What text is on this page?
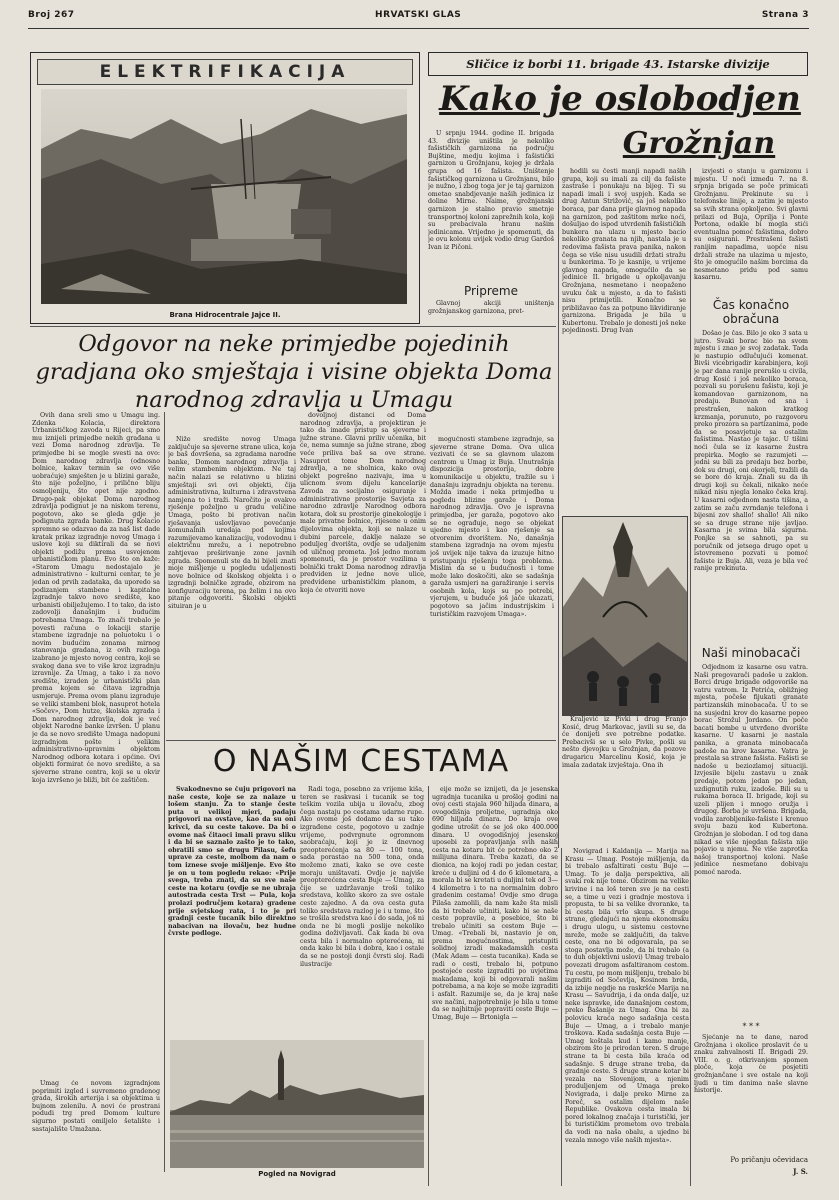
Broj 267	HRVATSKI GLAS	Strana 3
ELEKTRIFIKACIJA
Brana Hidrocentrale Jajce II.
Sličice iz borbi 11. brigade 43. Istarske divizije
Kako je oslobodjen
Grožnjan

U srpnju 1944. godine II. brigada 43. divizije uništila je nekoliko fašističkih garnizona na području Bujštine, medju kojima i fašistički garnizon u Grožnjanu, kojeg je držala grupa od 16 fašista. Uništenje fašističkog garnizona u Grožnjanu, bilo je nužno, i zbog toga jer je taj garnizon ometao snabdjevanje naših jedinica iz doline Mirne. Naime, grožnjanski garnizon je stalno pravio smetnje transportnoj koloni zaprežnih kola, koji su prebacivala hranu našim jedinicama. Vrijedno je spomenuti, da je ovu kolonu uvijek vodio drug Gardoš Ivan iz Pičoni.

Pripreme

Glavnoj akciji uništenja grožnjanskog garnizona, pret-

hodili su česti manji napadi naših grupa, koji su imali za cilj da fašiste zastraše i ponukaju na bijeg. Ti su napadi imali i svoj uspjeh. Kada se drug Antun Strižović, sa još nekoliko boraca, par dana prije glavnog napada na garnizon, pod zaštitom mrke noći, došuljao do ispod utvrdenih fašističkih bunkera na ulazu u mjesto bacio nekoliko granata na njih, nastala je u redovima fašista prava panika, nakon čega se više nisu usudili držati stražu u bunkerima. To je kasnije, u vrijeme glavnog napada, omogućilo da se jedinice II. brigade u opkoljavanju Grožnjana, nesmetano i neopaženo uvuku čak u mjesto, a da to fašisti nisu primijetili. Konačno se približavao čas za potpuno likvidiranje garnizona. Brigada je bila u Kubertonu. Trebalo je donesti još neke pojedinosti. Drug Ivan

Kraljević iz Pivki i drug Franjo Kosić, drug Markovac, javili su se, da će donijeti sve potrebne podatke. Prebacivši se u selo Pivke, pošli su nešto djevojku u Grožnjan, da pozove drugaricu Marcelinu Kosić, koja je imala zadatak izvještaja. Ona ih

izvjesti o stanju u garnizonu i mjestu. U noći između 7. na 8. srpnja brigada se poče primicati Grožnjanu. Prekinute su i telefonske linije, a zatim je mjesto sa svih strana opkoljeno. Svi glavni prilazi od Buja, Oprilja i Ponte Portona, odakle bi mogla stići eventualna pomoć fašistima, dobro su osigurani. Prestrašeni fašisti ranijim napadima, uopće nisu držali straže na ulazima u mjesto, što je omogućilo našim borcima da nesmetano pridu pod samu kasarnu.

Čas konačno obračuna

Došao je čas. Bilo je oko 3 sata u jutro. Svaki borac bio na svom mjestu i znao je svoj zadatak. Tada je nastupio odlučujući komenat. Bivši vicebrigadir karabinjera, koji je par dana ranije prerušio u civila, drug Kosić i još nekoliko boraca, pozvali su porušenu fašistu, koji je komandovao garnizonom, na predaju. Bunovan od sna i prestrašen, nakon kratkog krzmanja, porunuto, po razgovoru preko prozora sa partizanima, pode da se posavjetuje sa ostalim fašistima. Nastao je tajac. U tišini noći čula se iz kasarne žustra prepirka. Mogło se razumjeti — jedni su bili za predaju bez borbe, dok su drugi, oni okorjeli, tražili da se bore do kraja. Znali su da ih drugi koji su čekali, nikako neće nikad nisu njegla lonako čeka kraj. U kasarni odjednom nasta tišina, a zatim se začu zvrndanje telefona i bijesni zov shallo! shallo! Ali niko se sa druge strane nije javljao. Kasarna je svima bila sigurna. Ponjke sa se sahnoti, pa su poručnik od jetsega drugo opet u istovremeno pozvati u pomoć fašiste iz Buja. Ali, veza je bila već ranije prekinuta.

Naši minobacači

Odjednom iz kasarne osu vatra. Naši pregovarači padoše u zaklon. Borci druge brigade odgovoriše na vatru vatrom. Iz Petrića, obližnjeg mjesta, počeše fijukati granate partizanskih minobacača. U to se na susjedni krov do kasarne popeo borac Strožul Jordano. On poče bacati bombe u utvrđeno dvorište kasarne. U kasarni je nastala panika, a granata minobacača padoše na krov kasarne. Vatra je prestala sa strane fašista. Fašisti se nadoše u beziozlamoj situaciji. Izvjesile bijelu zastavu u znak predaje, potom jedan po jedan, uzdignutih ruku, izadoše. Bili su u rukama boraca II. brigade, koji su uzeli plijen i mnogo oružja i drugog. Borba je uvršena. Brigada, vodila zarobljenike-fašiste i krenuo svoju bazu kod Kubertona. Grožnjan je slobodan. I od tog dana nikad se više njegdan fašista nije pojavio u njemu. Ne više zaprotka našoj transportnoj koloni. Naše jedinice nesmetano dobivaju pomoć naroda.

* * *

Sjećanje na te dane, narod Grožnjana i okolice proslavit će u znaku zahvalnosti II. Brigadi 29. VIII. o. g. otkrivanjem spomen ploče, koja će posjetiti grožnjančane i sve ostale na koji ljudi u tim danima naše slavne historije.

Po pričanju očevidaca
J. S.
Odgovor na neke primjedbe pojedinih gradjana oko smještaja i visine objekta Doma narodnog zdravlja u Umagu

Ovih dana sreli smo u Umagu ing. Zdenka Kolacia, direktora Urbanističkog zavoda u Rijeci, pa smo mu iznijeli primjedbe nekih građana u vezi Doma narodnog zdravlja. Te primjedbe bi se mogle svesti na ovo: Dom narodnog zdravlja (odnosno bolnice, kakav termin se ovo više uobraćuje) smješten je u blizini garaže, što nije poželjno, i prilično bliju osmoljeniju, što opet nije zgodno. Drugo-pak objekat Doma narodnog zdravlja podignut je na niskom terenu, pogotovo, ako se gleda gdje je podignuta zgrada banke. Drug Kolacio spremno se odazvao da za naš list dade kratak prikaz izgradnje novog Umaga i uslove koji su diktirali da se novi objekti podižu prema usvojenom urbanističkom planu. Evo što on kaže: «Starom Umagu nedostajalo je administrativno - kulturni centar, te je jedan od prvih zadataka, da uporedo sa podizanjem stambene i kapitalne izgradnje takvo novo središte, kao urbanisti obilježujemo. I to tako, da isto zadovolji današnjim i budućim potrebama Umaga. To znači trebalo je povesti računa o lokaciji starije stambene izgradnje na poluotoku i o novim budućim zonama mirnog stanovanja gradana, iz ovih razloga izabrano je mjesto novog centra, koji se svakog dana sve to više kroz izgradnju izravnije. Za Umag, a tako i za novo središte, izraden je urbanistički plan prema kojem se čitava izgradnja usmjeruje. Prema ovom planu izgraduje se veliki stambeni blok, nasuprot hotela «Sočev», Dom hutze, školska zgrada i Dom narodnog zdravlja, dok je već objekt Narodne banke izvršen. U planu je da se novo središte Umaga nadopuni izgradnjom pošte i velikim administrativno-upravnim objektom Narodnog odbora kotara i općine. Ovi objekti formirat će novo središte, a sa sjeverne strane centra, koji se u okvir koja izvršeno je bliži, bit će zaštičen.

Umag će novom izgradnjom poprimiti izgled i suvremeno gradenog grada, širokih arterija i sa objektima u bujnom zelenilu. A novi će prostrani podudi trg pred Domom kulture sigurno postati omiljelo šetalište i sastajalište Umažana.

Niže središte novog Umaga zaključuje sa sjeverne strane ulica, koja je baš dovršena, sa zgradama narodne banke, Domom narodnog zdravlja i velim stambenim objektom. Ne taj način nalazi se relativno u blizini smještaji svi ovi objekti, čija administrativna, kulturna i zdravstvena namjena to i traži. Naročito je ovakvo rješenje poželjno u gradu veličine Umaga, pošto bi protivan način rješavanja uslovljavao povećanje komunalnih uredaja pod kojima razumijevamo kanalizaciju, vodovodnu i električnu mrežu, a i nepotrebno zahtjevao preširivanje zone javnih zgrada. Spomenuli ste da bi bijeli znati moje mišljenje u pogledu udaljenosti nove bolnice od školskog objekta i o izgradnji bolničke zgrade, obzirom na konfiguraciju terena, pa želim i na ovo pitanje odgovoriti. Školski objekti situiran je u

dovoljnoj distanci od Doma narodnog zdravlja, a projektiran je tako da imade pristup sa sjeverne i južne strane. Glavni priliv učenika, bit će, nema sumnje sa južne strane, zbog veće priliva baš sa ove strane. Nasuprot tome Dom narodnog zdravlja, a ne sholnica, kako ovaj objekt pogrešno nazivaju, ima u ulicnom svom dijelu kancelarije Zavoda za socijalno osiguranje i administrativne prostorije Savjeta za narodno zdravlje Narodnog odbora kotara, dok su prostorije ginekologije i male privatne bolnice, rijesene u onim dijelovima objekta, koji se nalaze u dubini parcele, daklje nalaze se poduljeg dvorišta, ovdje se udaljenim od uličnog prometa. Još jedno moram spomenuti, da je prostor vozilima u bolnički trakt Doma narodnog zdravlja predviden iz jedne nove ulice, predvidene urbanističkim planom, a koja će otvoriti nove

mogućnosti stambene izgradnje, sa sjeverne strane Doma. Ova ulica vezivati će se sa glavnom ulazom centrom u Umag iz Buja. Unutrašnja dispozicija prostorija, dobre komunikacije u objektu, tražile su i današnju izgradnju objekta na terenu. Možda imade i neka primjedba u pogledu blizine garaže i Doma narodnog zdravlja. Ovo je ispravna primjedba, jer garaža, pogotovo ako se ne ograđuje, nego se objekat ujedno mjesto i kao rješenje sa otvorenim dvorištem. No, današnja stambena izgradnja na ovom mjestu još uvijek nije takva da izuzuje hitno pristupanju rješenju toga problema. Mislim da se u budućnosti i tome može lako doskočiti, ako se sadašnja garaža usmjeri na garažiranje i servis osobnih kola, kojs su po potrebi, vjerujem, u buduće još jače ukazati, pogotovo sa jačim industrijskim i turističkim razvojem Umaga».

O NAŠIM CESTAMA

Svakodnevno se čuju prigovori na naše ceste, koje se za nalaze u lošem stanju. Za to stanje česte puta u velikoj mjeri, padaju prigovori na ovstave, kao da su oni krivci, da su ceste takove. Da bi o ovome naš čitaoci imali pravu sliku i da bi se saznalo zašto je to tako, obratili smo se drugu Pilasu, šefu uprave za ceste, molbom da nam o tom iznese svoje mišljenje. Evo što je on u tom pogledu rekao: «Prije svega, treba znati, da su sve naše ceste na kotaru (ovdje se ne ubraja autostrada cesta Trst — Pula, koja prolazi područjem kotara) gradene prije svjetskog rata, i to je pri gradnji ceste tucanik bilo direktno nabacivan na ilovaču, bez hudne čvrste podloge.

Radi toga, posebno za vrijeme kiša, teren se raskvasi i tucanik se tog teškim vozila ubija u ilovaču, zbog čega nastaju po cestama udarne rupe. Ako ovome još dodamo da su tako izgrađene ceste, pogotovo u zadnje vrijeme, podvrgnute ogromnom saobraćaju, koji je iz dnevnog preopterećenja sa 80 — 100 tona, sada porastao na 500 tona, onda možemo znati, kako se ove ceste moraju uništavati. Ovdje je najviše preopterećena cesta Buje — Umag, za čije se uzdržavanje troši toliko sredstava, koliko skoro za sve ostale ceste zajedno. A da ova cesta guta toliko sredstava razlog je i u tome, što se trošila sredstva kao i do sada, još ni onda ne bi mogli poslije nekoliko godina doživljavati. Čak kada bi ova cesta bila i normalno opterećena, ni onda kako bi bila i dobra, kao i ostale da se ne postoji donji čvrsti sloj. Radi ilustracije

Pogled na Novigrad

eije može se iznijeti, da je jesenska ugradnja tucanika u prošloj godini na ovoj cesti stajala 960 hiljada dinara, a ovogodišnja proljetne, ugradnja oko 690 hiljada dinara. Do kraja ove godine utrošit će se još oko 400.000 dinara. U ovogodišnjoj jesenskoj uposebi za popravljanja svih naših cesta na kotaru bit će potrebno oko 2 milijuna dinara. Treba kazati, da se dionica, na kojoj radi po jedan cestar, kreće u duljini od 4 do 6 kilometara, a morala bi se kretati u duljini tek od 3—4 kilometra i to na normalnim dobro gradenim cestama! Ovdje smo druga Pilaša zamolili, da nam kaže šta misli da bi trebalo učiniti, kako bi se naše ceste popravile, a posebice, što bi trebalo učiniti sa cestom Buje — Umag. «Trebali bi, nastavio je on, prema mogućnostima, pristupiti solidnoj izradi makadamskih cesta (Mak Adam — cesta tucanika). Kada se radi o cesti, trebalo bi, potpuno postojeće ceste izgraditi po uvjetima makadama, koji bi odgovarali našim potrebama, a na koje se može izgraditi i asfalt. Razumije se, da je kraj naše sve načini, najpotrebnije je bila u tome da se najhitnije popraviti ceste Buje — Umag, Buje — Brtonigla —

Novigrad i Kaldanija — Marija na Krasu — Umag. Postoje mišljenja, da bi trebalo asfaltirati cestu Buje — Umag. To je dalja perspektiva, ali svaki rok nije tome. Obzirom na velike krivine i na loš teren sve je na cesti se, a time u vezi i gradnje mostova i propusta, te bi sa velike dvoranke, ta bi cesta bila vrlo skupa. S druge strane, gledajući na njenu ekonomsku i drugu ulogu, u sistemu cestovne mreže, može se zaključiti, da takve ceste, ona no bi odgovarala, pa se stoga postavlja može, da bi trebalo (a to duh objektivni uslovi) Umag trebalo povezati drugom asfaltiranom cestom. Tu cestu, po mom mišljenju, trebalo bi izgraditi od Sočevlja, Kosinom brda, da izbije negdje na raskršće Marija na Krasu — Savudrija, i da onda dalje, uz neke ispravke, ide današnjom cestom, preko Bašanije za Umag. Ona bi za polovicu kraća nego sadašnja cesta Buje — Umag, a i trebalo manje troškova. Kada sadašnja cesta Buje — Umag koštala kud i kamo manje, obzirom što je prirodan teren. S druge strane ta bi cesta bila kraća od sadašnje. S druge strane treba, da gradnje ceste. S druge strane kotar bi vezala na Slovenijom, a njenim produljenjem od Umaga preko Novigrada, i dalje preko Mirne za Poreč, sa ostalim dijelom naše Republike. Ovakova cesta imala bi pored lokalnog značaja i turistički, jer bi turističkim prometom ovo trebala da vodi na naša obalu, a ujedno bi vezala mnogo više naših mjesta».
